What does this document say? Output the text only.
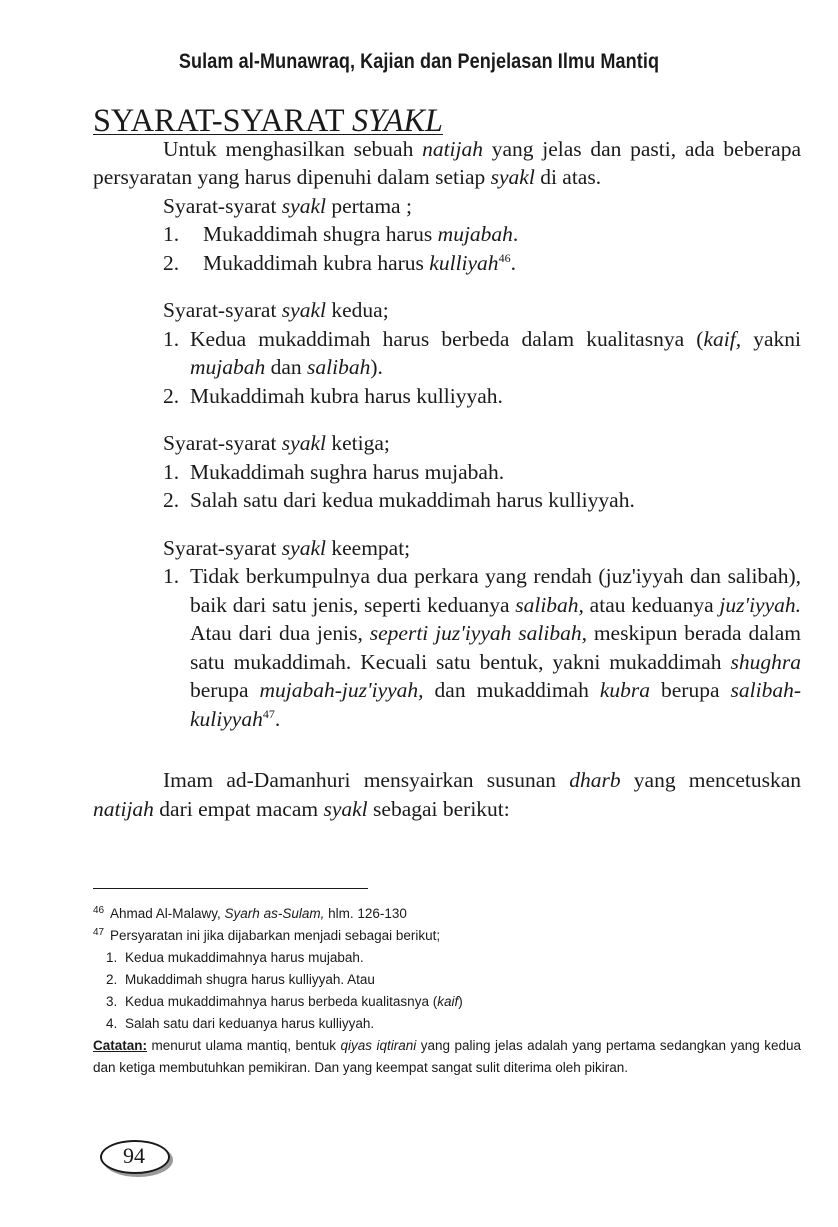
Sulam al-Munawraq, Kajian dan Penjelasan Ilmu Mantiq
SYARAT-SYARAT SYAKL

Untuk menghasilkan sebuah natijah yang jelas dan pasti, ada beberapa persyaratan yang harus dipenuhi dalam setiap syakl di atas.

Syarat-syarat syakl pertama ;

1. Mukaddimah shugra harus mujabah.
2. Mukaddimah kubra harus kulliyah$^{46}$.

Syarat-syarat syakl kedua;

1. Kedua mukaddimah harus berbeda dalam kualitasnya (kaif, yakni mujabah dan salibah).
2. Mukaddimah kubra harus kulliyyah.

Syarat-syarat syakl ketiga;

1. Mukaddimah sughra harus mujabah.
2. Salah satu dari kedua mukaddimah harus kulliyyah.

Syarat-syarat syakl keempat;

1. Tidak berkumpulnya dua perkara yang rendah (juz'iyyah dan salibah), baik dari satu jenis, seperti keduanya salibah, atau keduanya juz'iyyah. Atau dari dua jenis, seperti juz'iyyah salibah, meskipun berada dalam satu mukaddimah. Kecuali satu bentuk, yakni mukaddimah shughra berupa mujabah-juz'iyyah, dan mukaddimah kubra berupa salibah-kuliyyah$^{47}$.

Imam ad-Damanhuri mensyairkan susunan dharb yang mencetuskan natijah dari empat macam syakl sebagai berikut:

46 Ahmad Al-Malawy, Syarh as-Sulam, hlm. 126-130
47 Persyaratan ini jika dijabarkan menjadi sebagai berikut;
1. Kedua mukaddimahnya harus mujabah.
2. Mukaddimah shugra harus kulliyyah. Atau
3. Kedua mukaddimahnya harus berbeda kualitasnya (kaif)
4. Salah satu dari keduanya harus kulliyyah.
Catatan: menurut ulama mantiq, bentuk qiyas iqtirani yang paling jelas adalah yang pertama sedangkan yang kedua dan ketiga membutuhkan pemikiran. Dan yang keempat sangat sulit diterima oleh pikiran.
94
